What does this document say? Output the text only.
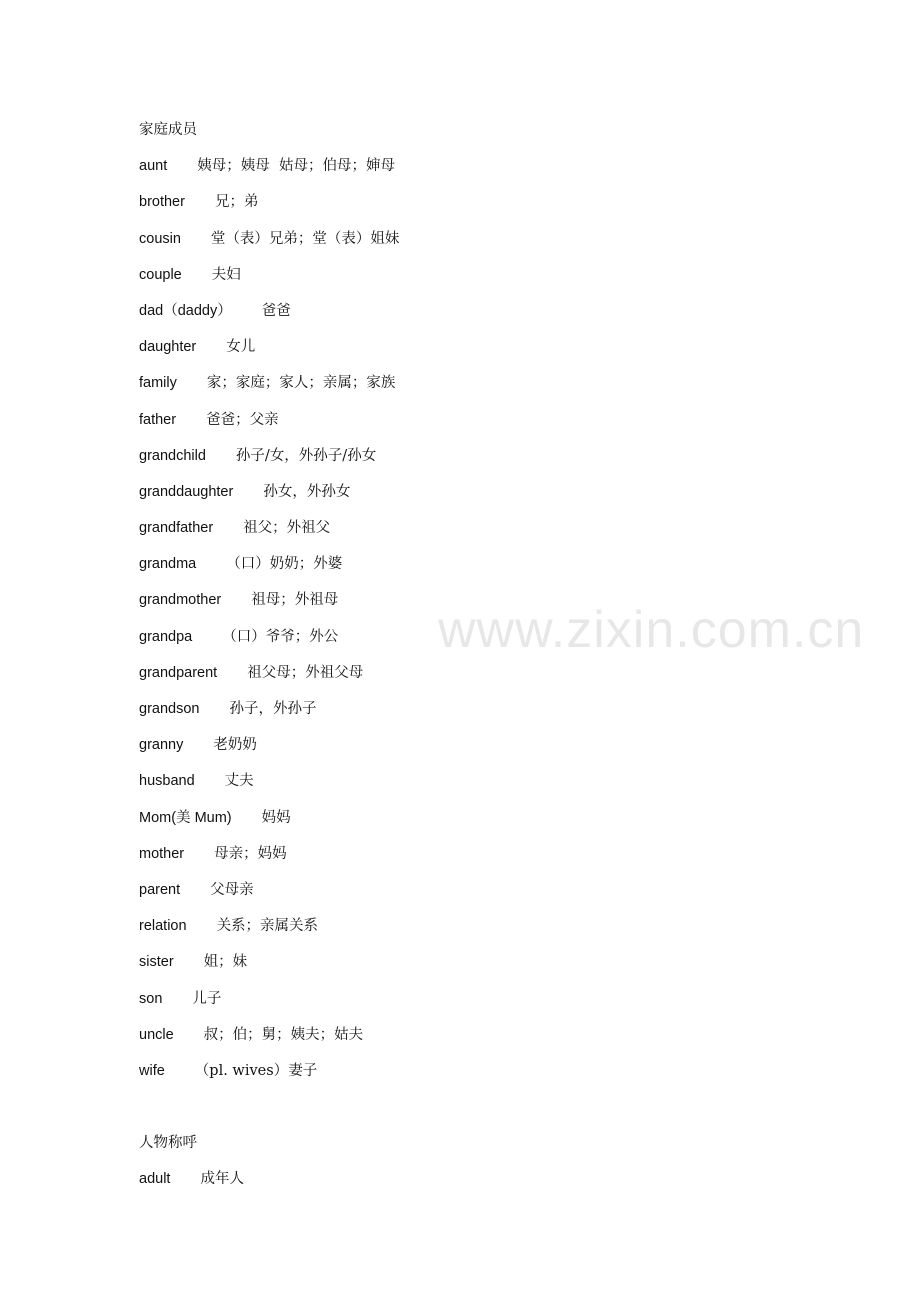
家庭成员
aunt 姨母；姨母  姑母；伯母；婶母
brother 兄；弟
cousin 堂（表）兄弟；堂（表）姐妹
couple 夫妇
dad（daddy） 爸爸
daughter 女儿
family 家；家庭；家人；亲属；家族
father 爸爸；父亲
grandchild 孙子/女，外孙子/孙女
granddaughter 孙女，外孙女
grandfather 祖父；外祖父
grandma （口）奶奶；外婆
grandmother 祖母；外祖母
grandpa （口）爷爷；外公
grandparent 祖父母；外祖父母
grandson 孙子，外孙子
granny 老奶奶
husband 丈夫
Mom(美 Mum) 妈妈
mother 母亲；妈妈
parent 父母亲
relation 关系；亲属关系
sister 姐；妹
son 儿子
uncle 叔；伯；舅；姨夫；姑夫
wife （pl. wives）妻子
人物称呼
adult 成年人
www.zixin.com.cn
